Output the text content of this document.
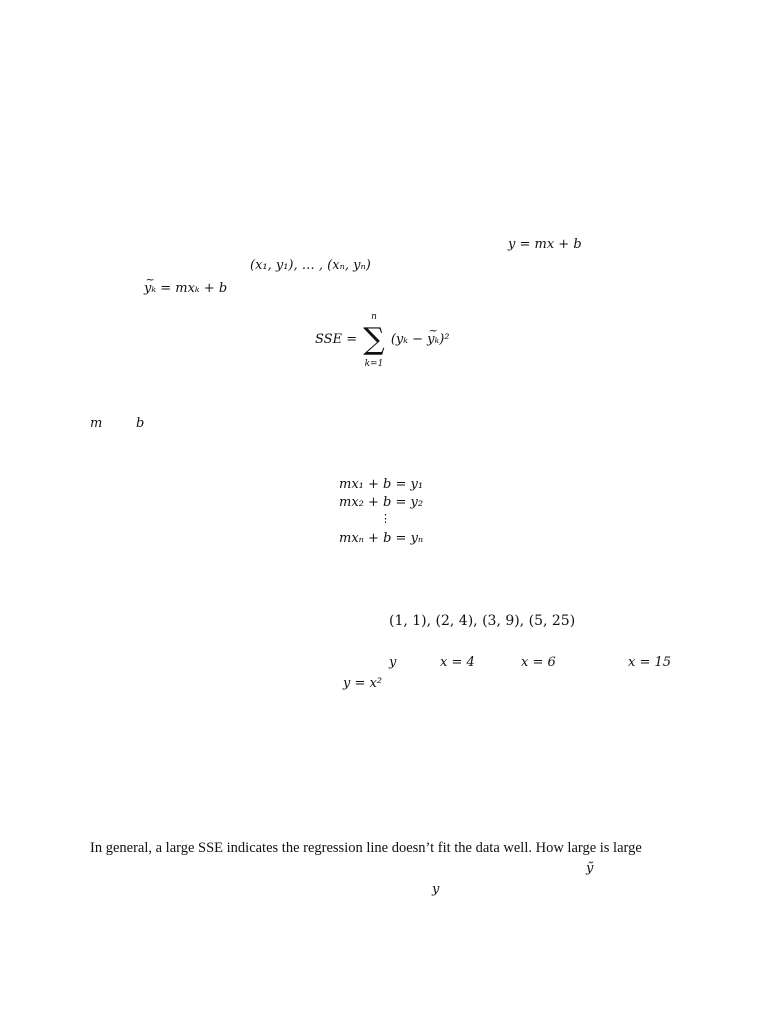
y = mx + b
(x₁, y₁), … , (xₙ, yₙ)
~ yₖ = mxₖ + b
SSE = ∑
n
k=1
(yₖ − ~ yₖ)²
m	b
mx₁ + b = y₁
mx₂ + b = y₂
⋮
mxₙ + b = yₙ
(1, 1), (2, 4), (3, 9), (5, 25)
y	x = 4	x = 6	x = 15
y = x²
In general, a large SSE indicates the regression line doesn’t fit the data well. How large is large
ỹ
y
